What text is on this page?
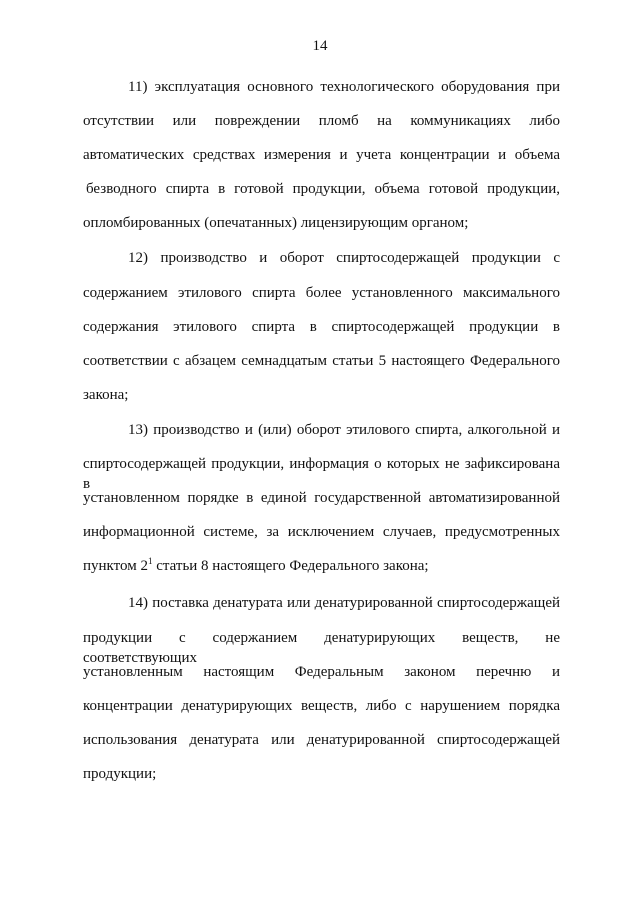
14
11) эксплуатация основного технологического оборудования при
отсутствии или повреждении пломб на коммуникациях либо
автоматических средствах измерения и учета концентрации и объема
безводного спирта в готовой продукции, объема готовой продукции,
опломбированных (опечатанных) лицензирующим органом;
12) производство и оборот спиртосодержащей продукции с
содержанием этилового спирта более установленного максимального
содержания этилового спирта в спиртосодержащей продукции в
соответствии с абзацем семнадцатым статьи 5 настоящего Федерального
закона;
13) производство и (или) оборот этилового спирта, алкогольной и
спиртосодержащей продукции, информация о которых не зафиксирована в
установленном порядке в единой государственной автоматизированной
информационной системе, за исключением случаев, предусмотренных
пунктом $2^1$ статьи 8 настоящего Федерального закона;
14) поставка денатурата или денатурированной спиртосодержащей
продукции с содержанием денатурирующих веществ, не соответствующих
установленным настоящим Федеральным законом перечню и
концентрации денатурирующих веществ, либо с нарушением порядка
использования денатурата или денатурированной спиртосодержащей
продукции;
